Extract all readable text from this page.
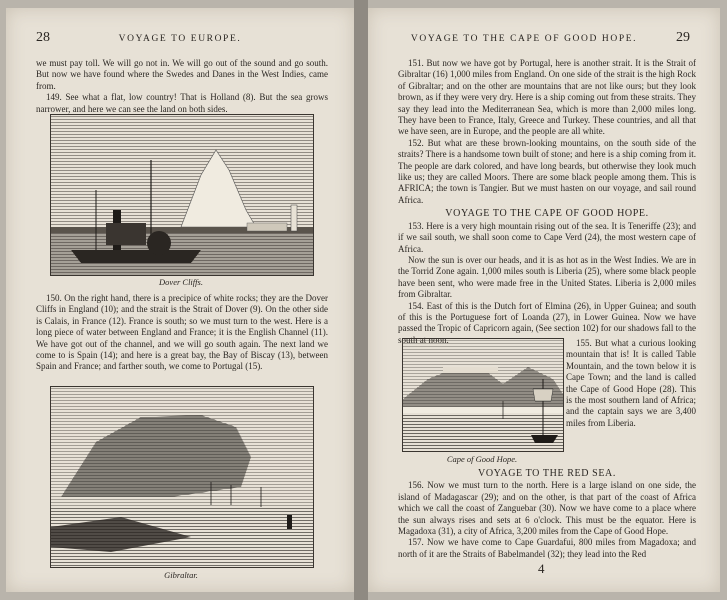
28	VOYAGE TO EUROPE.

we must pay toll. We will go not in. We will go out of the sound and go south. But now we have found where the Swedes and Danes in the West Indies, came from.

149. See what a flat, low country! That is Holland (8). But the sea grows narrower, and here we can see the land on both sides.

Dover Cliffs.

150. On the right hand, there is a precipice of white rocks; they are the Dover Cliffs in England (10); and the strait is the Strait of Dover (9). On the other side is Calais, in France (12). France is south; so we must turn to the west. Here is a long piece of water between England and France; it is the English Channel (11). We have got out of the channel, and we will go south again. The next land we come to is Spain (14); and here is a great bay, the Bay of Biscay (13), between Spain and France; and farther south, we come to Portugal (15).

Gibraltar.
VOYAGE TO THE CAPE OF GOOD HOPE.	29

151. But now we have got by Portugal, here is another strait. It is the Strait of Gibraltar (16) 1,000 miles from England. On one side of the strait is the high Rock of Gibraltar; and on the other are mountains that are not like ours; but they look brown, as if they were very dry. Here is a ship coming out from these straits. They say they lead into the Mediterranean Sea, which is more than 2,000 miles long. They have been to France, Italy, Greece and Turkey. These countries, and all that we have seen, are in Europe, and the people are all white.

152. But what are these brown-looking mountains, on the south side of the straits? There is a handsome town built of stone; and here is a ship coming from it. The people are dark colored, and have long beards, but otherwise they look much like us; they are called Moors. There are some black people among them. This is AFRICA; the town is Tangier. But we must hasten on our voyage, and sail round Africa.

VOYAGE TO THE CAPE OF GOOD HOPE.

153. Here is a very high mountain rising out of the sea. It is Teneriffe (23); and if we sail south, we shall soon come to Cape Verd (24), the most western cape of Africa.

Now the sun is over our heads, and it is as hot as in the West Indies. We are in the Torrid Zone again. 1,000 miles south is Liberia (25), where some black people have been sent, who were made free in the United States. Liberia is 2,000 miles from Gibraltar.

154. East of this is the Dutch fort of Elmina (26), in Upper Guinea; and south of this is the Portuguese fort of Loanda (27), in Lower Guinea. Now we have passed the Tropic of Capricorn again, (See section 102) for our shadows fall to the south at noon.	155. But what a curious looking mountain that is! It is called Table Mountain, and the town below it is Cape Town; and the land is called the Cape of Good Hope (28). This is the most southern land of Africa; and the captain says we are 3,400 miles from Liberia.

Cape of Good Hope.
VOYAGE TO THE RED SEA.

156. Now we must turn to the north. Here is a large island on one side, the island of Madagascar (29); and on the other, is that part of the coast of Africa which we call the coast of Zanguebar (30). Now we have come to a place where the sun always rises and sets at 6 o'clock. This must be the equator. Here is Magadoxa (31), a city of Africa, 3,200 miles from the Cape of Good Hope.

157. Now we have come to Cape Guardafui, 800 miles from Magadoxa; and north of it are the Straits of Babelmandel (32); they lead into the Red

4
